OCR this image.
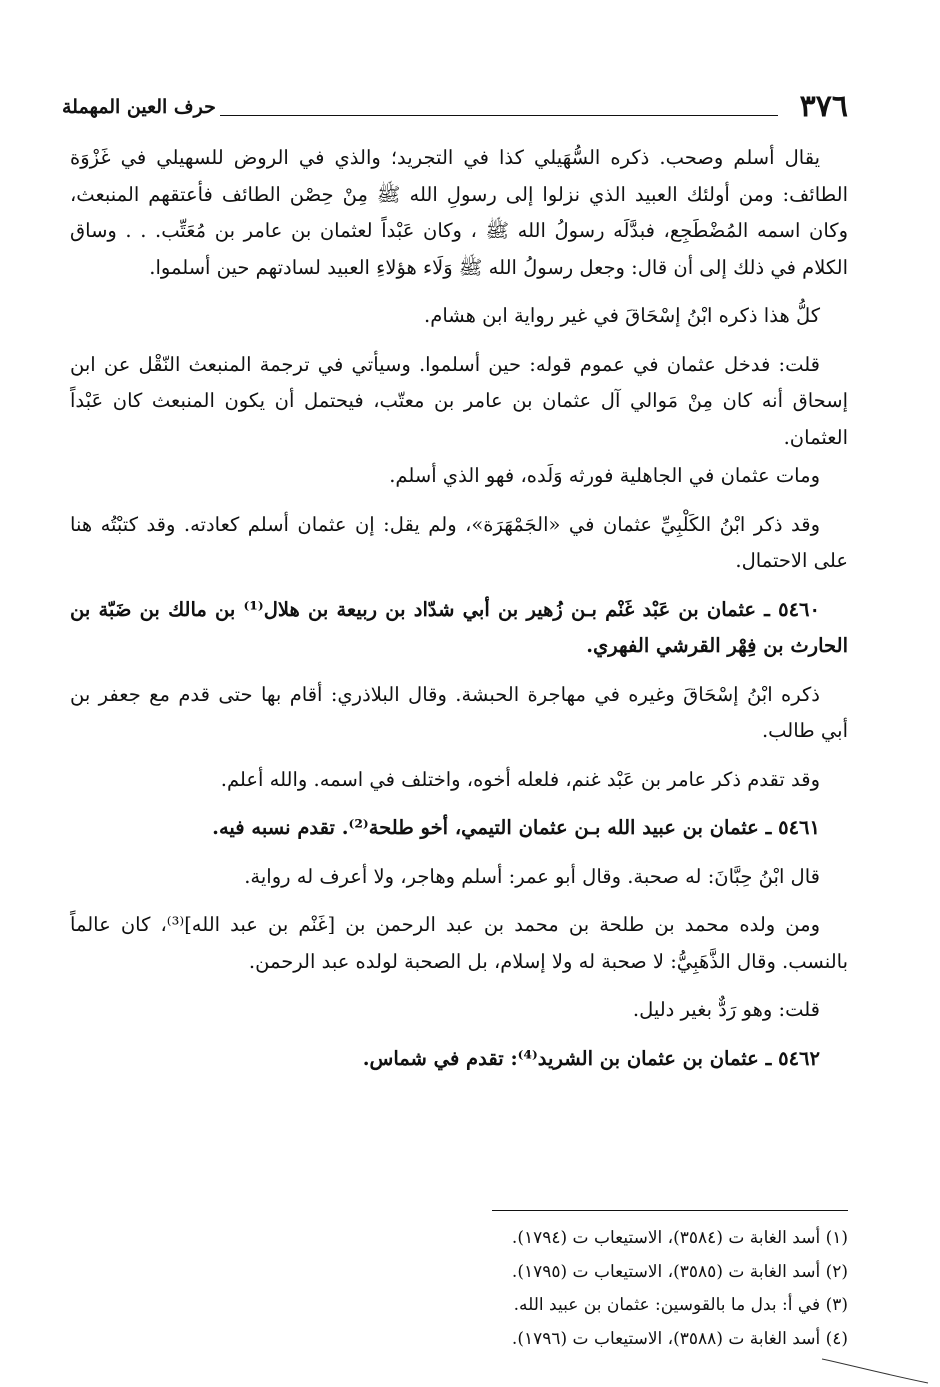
٣٧٦
حرف العين المهملة

يقال أسلم وصحب. ذكره السُّهَيلي كذا في التجريد؛ والذي في الروض للسهيلي في غَزْوَة الطائف: ومن أولئك العبيد الذي نزلوا إلى رسولِ الله ﷺ مِنْ حِصْن الطائف فأعتقهم المنبعث، وكان اسمه المُضْطَجِع، فبدَّلَه رسولُ الله ﷺ ، وكان عَبْداً لعثمان بن عامر بن مُعَتِّب. . . وساق الكلام في ذلك إلى أن قال: وجعل رسولُ الله ﷺ وَلَاء هؤلاءِ العبيد لسادتهم حين أسلموا.

كلُّ هذا ذكره ابْنُ إسْحَاقَ في غير رواية ابن هشام.

قلت: فدخل عثمان في عموم قوله: حين أسلموا. وسيأتي في ترجمة المنبعث النّقْل عن ابن إسحاق أنه كان مِنْ مَوالي آل عثمان بن عامر بن معتّب، فيحتمل أن يكون المنبعث كان عَبْداً العثمان.

ومات عثمان في الجاهلية فورثه وَلَده، فهو الذي أسلم.

وقد ذكر ابْنُ الكَلْبِيِّ عثمان في «الجَمْهَرَة»، ولم يقل: إن عثمان أسلم كعادته. وقد كتبْتُه هنا على الاحتمال.

٥٤٦٠ ـ عثمان بن عَبْد غَنْم بـن زُهير بن أبي شدّاد بن ربيعة بن هلال⁽¹⁾ بن مالك بن ضَبّة بن الحارث بن فِهْر القرشي الفهري.

ذكره ابْنُ إسْحَاقَ وغيره في مهاجرة الحبشة. وقال البلاذري: أقام بها حتى قدم مع جعفر بن أبي طالب.

وقد تقدم ذكر عامر بن عَبْد غنم، فلعله أخوه، واختلف في اسمه. والله أعلم.

٥٤٦١ ـ عثمان بن عبيد الله بـن عثمان التيمي، أخو طلحة⁽²⁾. تقدم نسبه فيه.

قال ابْنُ حِبَّانَ: له صحبة. وقال أبو عمر: أسلم وهاجر، ولا أعرف له رواية.

ومن ولده محمد بن طلحة بن محمد بن عبد الرحمن بن [غَنْم بن عبد الله]⁽³⁾، كان عالماً بالنسب. وقال الذَّهَبِيُّ: لا صحبة له ولا إسلام، بل الصحبة لولده عبد الرحمن.

قلت: وهو رَدٌّ بغير دليل.

٥٤٦٢ ـ عثمان بن عثمان بن الشريد⁽⁴⁾: تقدم في شماس.

(١) أسد الغابة ت (٣٥٨٤)، الاستيعاب ت (١٧٩٤).

(٢) أسد الغابة ت (٣٥٨٥)، الاستيعاب ت (١٧٩٥).

(٣) في أ: بدل ما بالقوسين: عثمان بن عبيد الله.

(٤) أسد الغابة ت (٣٥٨٨)، الاستيعاب ت (١٧٩٦).
